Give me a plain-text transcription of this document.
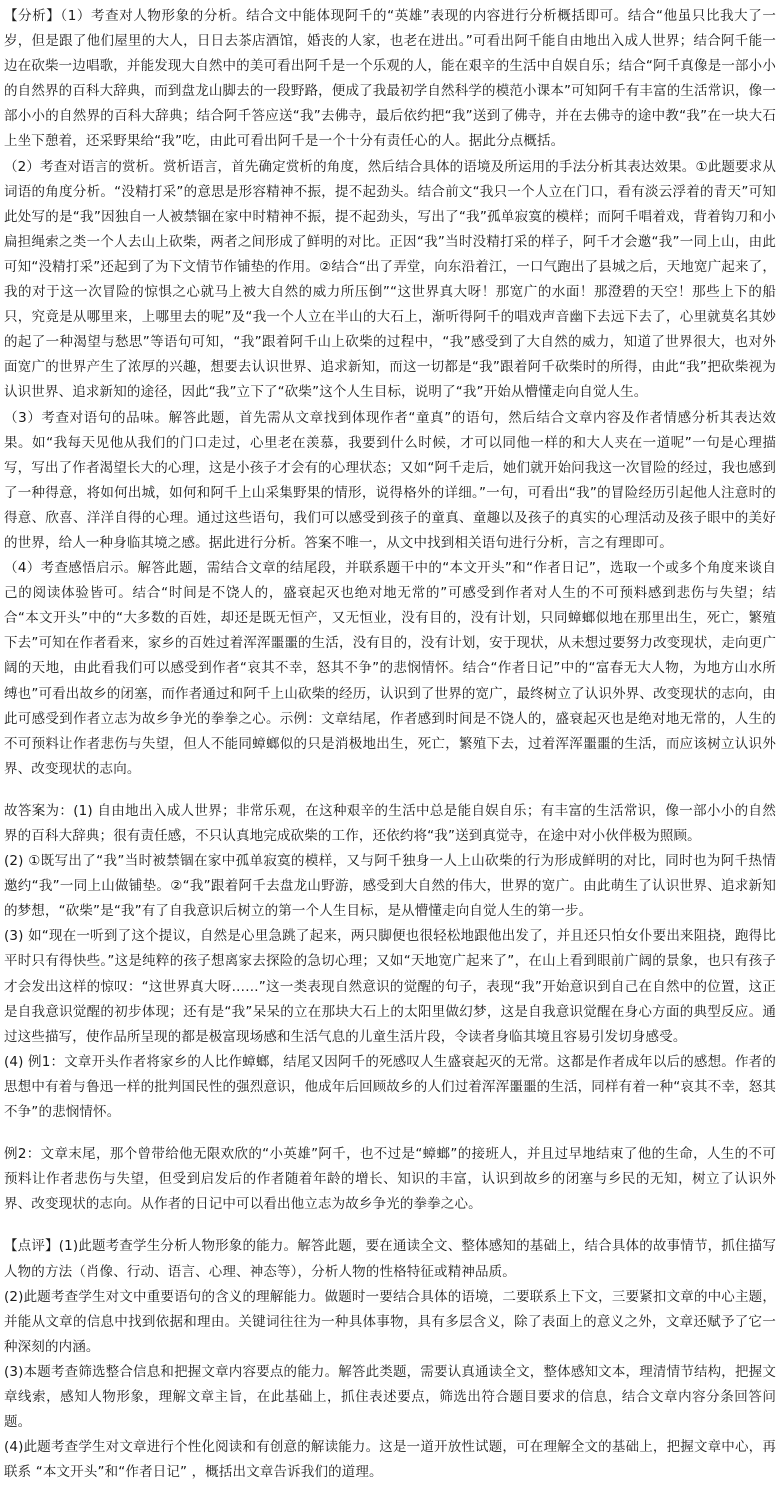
【分析】（1）考查对人物形象的分析。结合文中能体现阿千的“英雄”表现的内容进行分析概括即可。结合“他虽只比我大了一岁，但是跟了他们屋里的大人，日日去茶店酒馆，婚丧的人家，也老在进出。”可看出阿千能自由地出入成人世界；结合阿千能一边在砍柴一边唱歌，并能发现大自然中的美可看出阿千是一个乐观的人，能在艰辛的生活中自娱自乐；结合“阿千真像是一部小小的自然界的百科大辞典，而到盘龙山脚去的一段野路，便成了我最初学自然科学的模范小课本”可知阿千有丰富的生活常识，像一部小小的自然界的百科大辞典；结合阿千答应送“我”去佛寺，最后依约把“我”送到了佛寺，并在去佛寺的途中教“我”在一块大石上坐下憩着，还采野果给“我”吃，由此可看出阿千是一个十分有责任心的人。据此分点概括。

（2）考查对语言的赏析。赏析语言，首先确定赏析的角度，然后结合具体的语境及所运用的手法分析其表达效果。①此题要求从词语的角度分析。“没精打采”的意思是形容精神不振，提不起劲头。结合前文“我只一个人立在门口，看有淡云浮着的青天”可知此处写的是“我”因独自一人被禁锢在家中时精神不振，提不起劲头，写出了“我”孤单寂寞的模样；而阿千唱着戏，背着钩刀和小扁担绳索之类一个人去山上砍柴，两者之间形成了鲜明的对比。正因“我”当时没精打采的样子，阿千才会邀“我”一同上山，由此可知“没精打采”还起到了为下文情节作铺垫的作用。②结合“出了弄堂，向东沿着江，一口气跑出了县城之后，天地宽广起来了，我的对于这一次冒险的惊惧之心就马上被大自然的威力所压倒”“这世界真大呀！那宽广的水面！那澄碧的天空！那些上下的船只，究竟是从哪里来，上哪里去的呢”及“我一个人立在半山的大石上，渐听得阿千的唱戏声音幽下去远下去了，心里就莫名其妙的起了一种渴望与愁思”等语句可知，“我”跟着阿千山上砍柴的过程中，“我”感受到了大自然的威力，知道了世界很大，也对外面宽广的世界产生了浓厚的兴趣，想要去认识世界、追求新知，而这一切都是“我”跟着阿千砍柴时的所得，由此“我”把砍柴视为认识世界、追求新知的途径，因此“我”立下了“砍柴”这个人生目标，说明了“我”开始从懵懂走向自觉人生。

（3）考查对语句的品味。解答此题，首先需从文章找到体现作者“童真”的语句，然后结合文章内容及作者情感分析其表达效果。如“我每天见他从我们的门口走过，心里老在羡慕，我要到什么时候，才可以同他一样的和大人夹在一道呢”一句是心理描写，写出了作者渴望长大的心理，这是小孩子才会有的心理状态；又如“阿千走后，她们就开始问我这一次冒险的经过，我也感到了一种得意，将如何出城，如何和阿千上山采集野果的情形，说得格外的详细。”一句，可看出“我”的冒险经历引起他人注意时的得意、欣喜、洋洋自得的心理。通过这些语句，我们可以感受到孩子的童真、童趣以及孩子的真实的心理活动及孩子眼中的美好的世界，给人一种身临其境之感。据此进行分析。答案不唯一，从文中找到相关语句进行分析，言之有理即可。

（4）考查感悟启示。解答此题，需结合文章的结尾段，并联系题干中的“本文开头”和“作者日记”，选取一个或多个角度来谈自己的阅读体验皆可。结合“时间是不饶人的，盛衰起灭也绝对地无常的”可感受到作者对人生的不可预料感到悲伤与失望；结合“本文开头”中的“大多数的百姓，却还是既无恒产，又无恒业，没有目的，没有计划，只同蟑螂似地在那里出生，死亡，繁殖下去”可知在作者看来，家乡的百姓过着浑浑噩噩的生活，没有目的，没有计划，安于现状，从未想过要努力改变现状，走向更广阔的天地，由此看我们可以感受到作者“哀其不幸，怒其不争”的悲悯情怀。结合“作者日记”中的“富春无大人物，为地方山水所缚也”可看出故乡的闭塞，而作者通过和阿千上山砍柴的经历，认识到了世界的宽广，最终树立了认识外界、改变现状的志向，由此可感受到作者立志为故乡争光的拳拳之心。示例：文章结尾，作者感到时间是不饶人的，盛衰起灭也是绝对地无常的，人生的不可预料让作者悲伤与失望，但人不能同蟑螂似的只是消极地出生，死亡，繁殖下去，过着浑浑噩噩的生活，而应该树立认识外界、改变现状的志向。

故答案为：(1) 自由地出入成人世界；非常乐观，在这种艰辛的生活中总是能自娱自乐；有丰富的生活常识，像一部小小的自然界的百科大辞典；很有责任感，不只认真地完成砍柴的工作，还依约将“我”送到真觉寺，在途中对小伙伴极为照顾。

(2) ①既写出了“我”当时被禁锢在家中孤单寂寞的模样，又与阿千独身一人上山砍柴的行为形成鲜明的对比，同时也为阿千热情邀约“我”一同上山做铺垫。②“我”跟着阿千去盘龙山野游，感受到大自然的伟大，世界的宽广。由此萌生了认识世界、追求新知的梦想，“砍柴”是“我”有了自我意识后树立的第一个人生目标，是从懵懂走向自觉人生的第一步。

(3) 如“现在一听到了这个提议，自然是心里急跳了起来，两只脚便也很轻松地跟他出发了，并且还只怕女仆要出来阻挠，跑得比平时只有得快些。”这是纯粹的孩子想离家去探险的急切心理；又如“天地宽广起来了”，在山上看到眼前广阔的景象，也只有孩子才会发出这样的惊叹：“这世界真大呀……”这一类表现自然意识的觉醒的句子，表现“我”开始意识到自己在自然中的位置，这正是自我意识觉醒的初步体现；还有是“我”呆呆的立在那块大石上的太阳里做幻梦，这是自我意识觉醒在身心方面的典型反应。通过这些描写，使作品所呈现的都是极富现场感和生活气息的儿童生活片段，令读者身临其境且容易引发切身感受。

(4) 例1：文章开头作者将家乡的人比作蟑螂，结尾又因阿千的死感叹人生盛衰起灭的无常。这都是作者成年以后的感想。作者的思想中有着与鲁迅一样的批判国民性的强烈意识，他成年后回顾故乡的人们过着浑浑噩噩的生活，同样有着一种“哀其不幸，怒其不争”的悲悯情怀。

例2：文章末尾，那个曾带给他无限欢欣的“小英雄”阿千，也不过是“蟑螂”的接班人，并且过早地结束了他的生命，人生的不可预料让作者悲伤与失望，但受到启发后的作者随着年龄的增长、知识的丰富，认识到故乡的闭塞与乡民的无知，树立了认识外界、改变现状的志向。从作者的日记中可以看出他立志为故乡争光的拳拳之心。

【点评】(1)此题考查学生分析人物形象的能力。解答此题，要在通读全文、整体感知的基础上，结合具体的故事情节，抓住描写人物的方法（肖像、行动、语言、心理、神态等），分析人物的性格特征或精神品质。

(2)此题考查学生对文中重要语句的含义的理解能力。做题时一要结合具体的语境，二要联系上下文，三要紧扣文章的中心主题，并能从文章的信息中找到依据和理由。关键词往往为一种具体事物，具有多层含义，除了表面上的意义之外，文章还赋予了它一种深刻的内涵。

(3)本题考查筛选整合信息和把握文章内容要点的能力。解答此类题，需要认真通读全文，整体感知文本，理清情节结构，把握文章线索，感知人物形象，理解文章主旨，在此基础上，抓住表述要点，筛选出符合题目要求的信息，结合文章内容分条回答问题。

(4)此题考查学生对文章进行个性化阅读和有创意的解读能力。这是一道开放性试题，可在理解全文的基础上，把握文章中心，再联系 “本文开头”和“作者日记” ，概括出文章告诉我们的道理。
